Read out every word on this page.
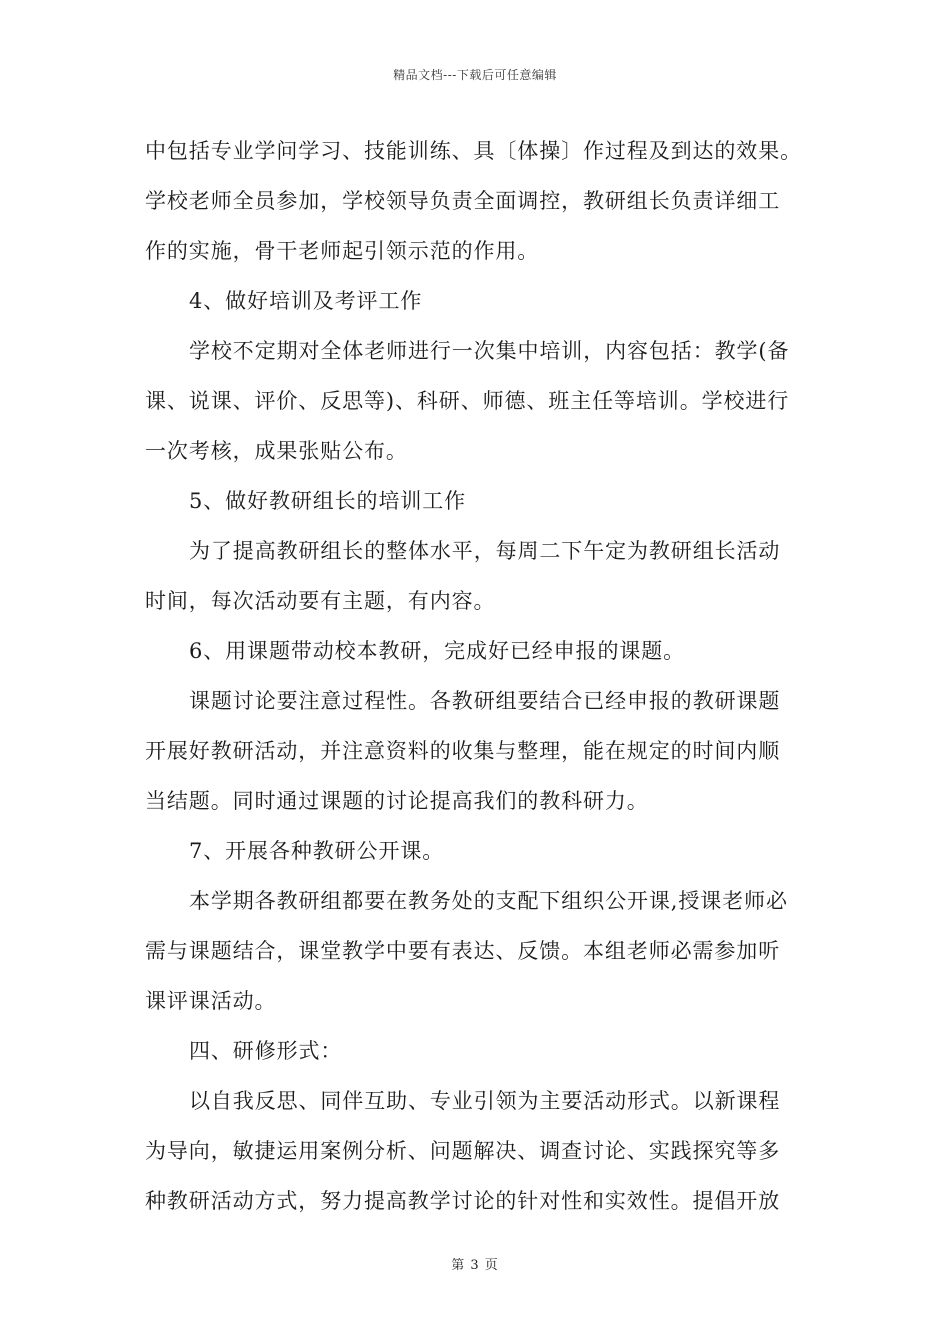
精品文档---下载后可任意编辑
中包括专业学问学习、技能训练、具〔体操〕作过程及到达的效果。
学校老师全员参加，学校领导负责全面调控，教研组长负责详细工
作的实施，骨干老师起引领示范的作用。
4、做好培训及考评工作
学校不定期对全体老师进行一次集中培训，内容包括：教学(备
课、说课、评价、反思等)、科研、师德、班主任等培训。学校进行
一次考核，成果张贴公布。
5、做好教研组长的培训工作
为了提高教研组长的整体水平，每周二下午定为教研组长活动
时间，每次活动要有主题，有内容。
6、用课题带动校本教研，完成好已经申报的课题。
课题讨论要注意过程性。各教研组要结合已经申报的教研课题
开展好教研活动，并注意资料的收集与整理，能在规定的时间内顺
当结题。同时通过课题的讨论提高我们的教科研力。
7、开展各种教研公开课。
本学期各教研组都要在教务处的支配下组织公开课,授课老师必
需与课题结合，课堂教学中要有表达、反馈。本组老师必需参加听
课评课活动。
四、研修形式：
以自我反思、同伴互助、专业引领为主要活动形式。以新课程
为导向，敏捷运用案例分析、问题解决、调查讨论、实践探究等多
种教研活动方式，努力提高教学讨论的针对性和实效性。提倡开放
第 3 页
